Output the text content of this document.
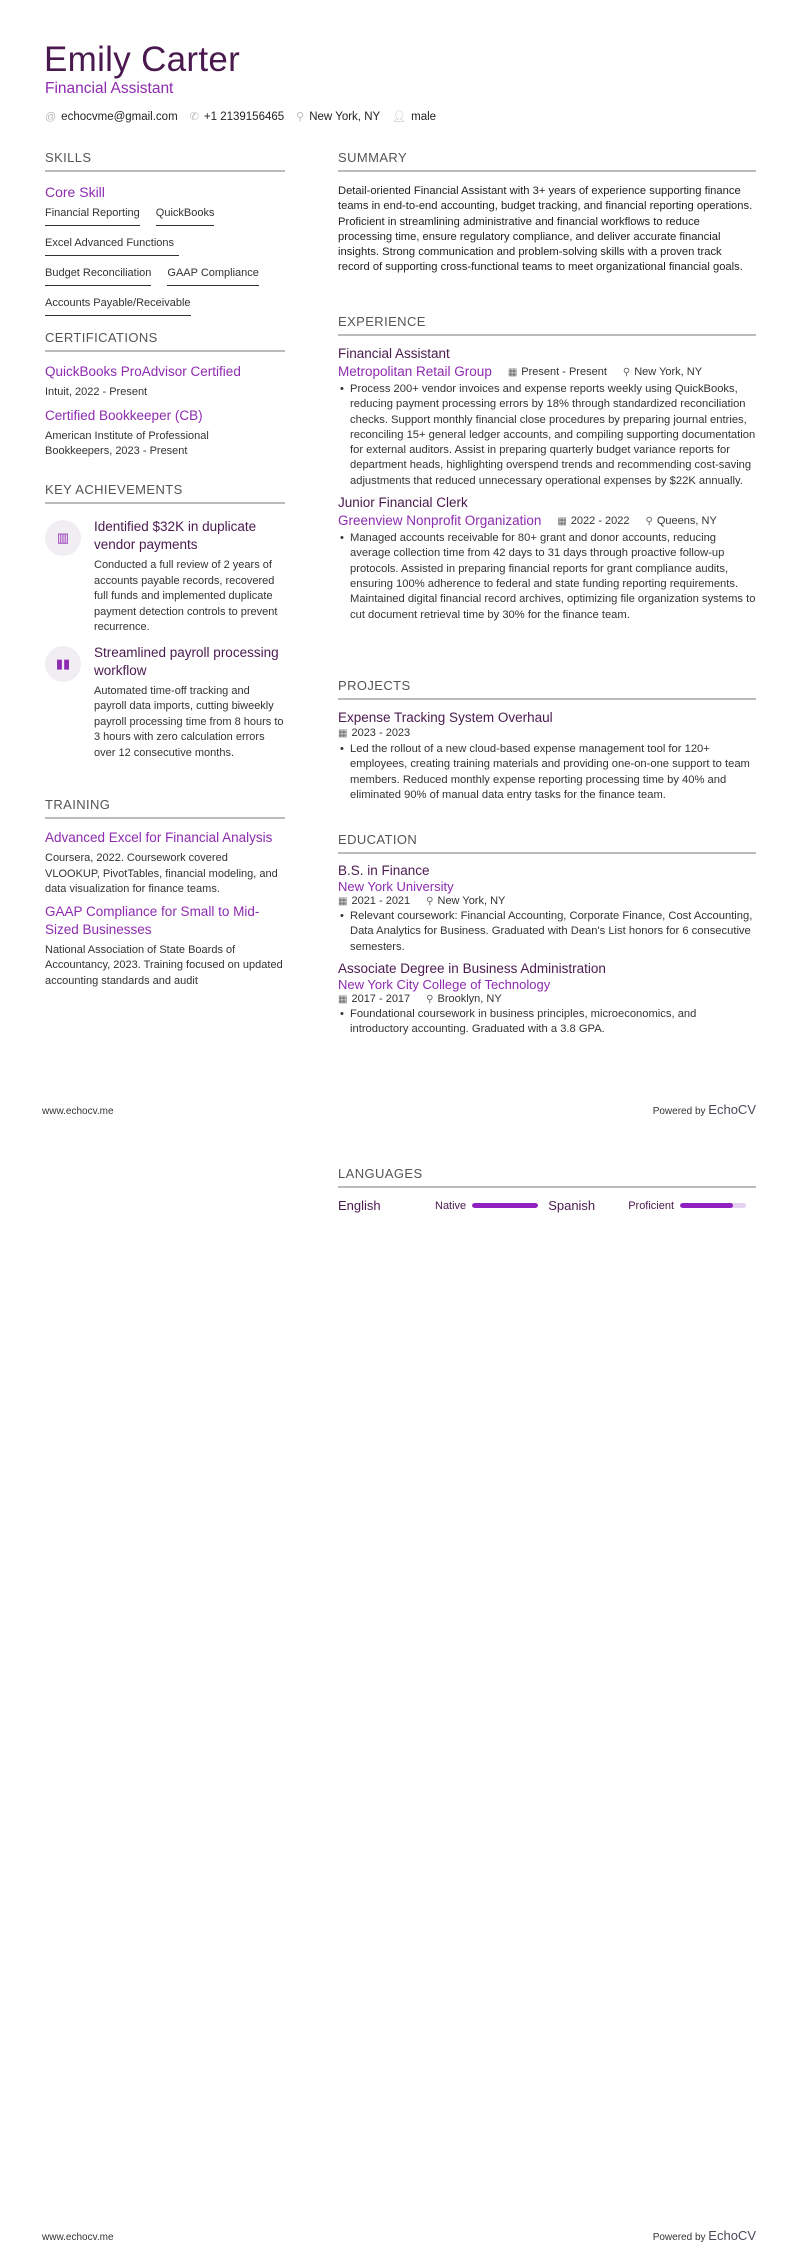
Emily Carter
Financial Assistant
@ echocvme@gmail.com ✆ +1 2139156465 ⚲ New York, NY 👤︎ male
SKILLS
Core Skill
Financial Reporting QuickBooks
Excel Advanced Functions
Budget Reconciliation GAAP Compliance
Accounts Payable/Receivable
CERTIFICATIONS
QuickBooks ProAdvisor Certified
Intuit, 2022 - Present
Certified Bookkeeper (CB)
American Institute of Professional Bookkeepers, 2023 - Present
KEY ACHIEVEMENTS
▥
Identified $32K in duplicate vendor payments
Conducted a full review of 2 years of accounts payable records, recovered full funds and implemented duplicate payment detection controls to prevent recurrence.
▮▮
Streamlined payroll processing workflow
Automated time-off tracking and payroll data imports, cutting biweekly payroll processing time from 8 hours to 3 hours with zero calculation errors over 12 consecutive months.
TRAINING
Advanced Excel for Financial Analysis
Coursera, 2022. Coursework covered VLOOKUP, PivotTables, financial modeling, and data visualization for finance teams.
GAAP Compliance for Small to Mid-Sized Businesses
National Association of State Boards of Accountancy, 2023. Training focused on updated accounting standards and audit
SUMMARY
Detail-oriented Financial Assistant with 3+ years of experience supporting finance teams in end-to-end accounting, budget tracking, and financial reporting operations. Proficient in streamlining administrative and financial workflows to reduce processing time, ensure regulatory compliance, and deliver accurate financial insights. Strong communication and problem-solving skills with a proven track record of supporting cross-functional teams to meet organizational financial goals.
EXPERIENCE
Financial Assistant
Metropolitan Retail Group ▦ Present - Present ⚲ New York, NY
• Process 200+ vendor invoices and expense reports weekly using QuickBooks, reducing payment processing errors by 18% through standardized reconciliation checks. Support monthly financial close procedures by preparing journal entries, reconciling 15+ general ledger accounts, and compiling supporting documentation for external auditors. Assist in preparing quarterly budget variance reports for department heads, highlighting overspend trends and recommending cost-saving adjustments that reduced unnecessary operational expenses by $22K annually.
Junior Financial Clerk
Greenview Nonprofit Organization ▦ 2022 - 2022 ⚲ Queens, NY
• Managed accounts receivable for 80+ grant and donor accounts, reducing average collection time from 42 days to 31 days through proactive follow-up protocols. Assisted in preparing financial reports for grant compliance audits, ensuring 100% adherence to federal and state funding reporting requirements. Maintained digital financial record archives, optimizing file organization systems to cut document retrieval time by 30% for the finance team.
PROJECTS
Expense Tracking System Overhaul
▦ 2023 - 2023
• Led the rollout of a new cloud-based expense management tool for 120+ employees, creating training materials and providing one-on-one support to team members. Reduced monthly expense reporting processing time by 40% and eliminated 90% of manual data entry tasks for the finance team.
EDUCATION
B.S. in Finance
New York University
▦ 2021 - 2021 ⚲ New York, NY
• Relevant coursework: Financial Accounting, Corporate Finance, Cost Accounting, Data Analytics for Business. Graduated with Dean's List honors for 6 consecutive semesters.
Associate Degree in Business Administration
New York City College of Technology
▦ 2017 - 2017 ⚲ Brooklyn, NY
• Foundational coursework in business principles, microeconomics, and introductory accounting. Graduated with a 3.8 GPA.
www.echocv.me	Powered by EchoCV
LANGUAGES
English	Native	Spanish	Proficient
www.echocv.me	Powered by EchoCV
